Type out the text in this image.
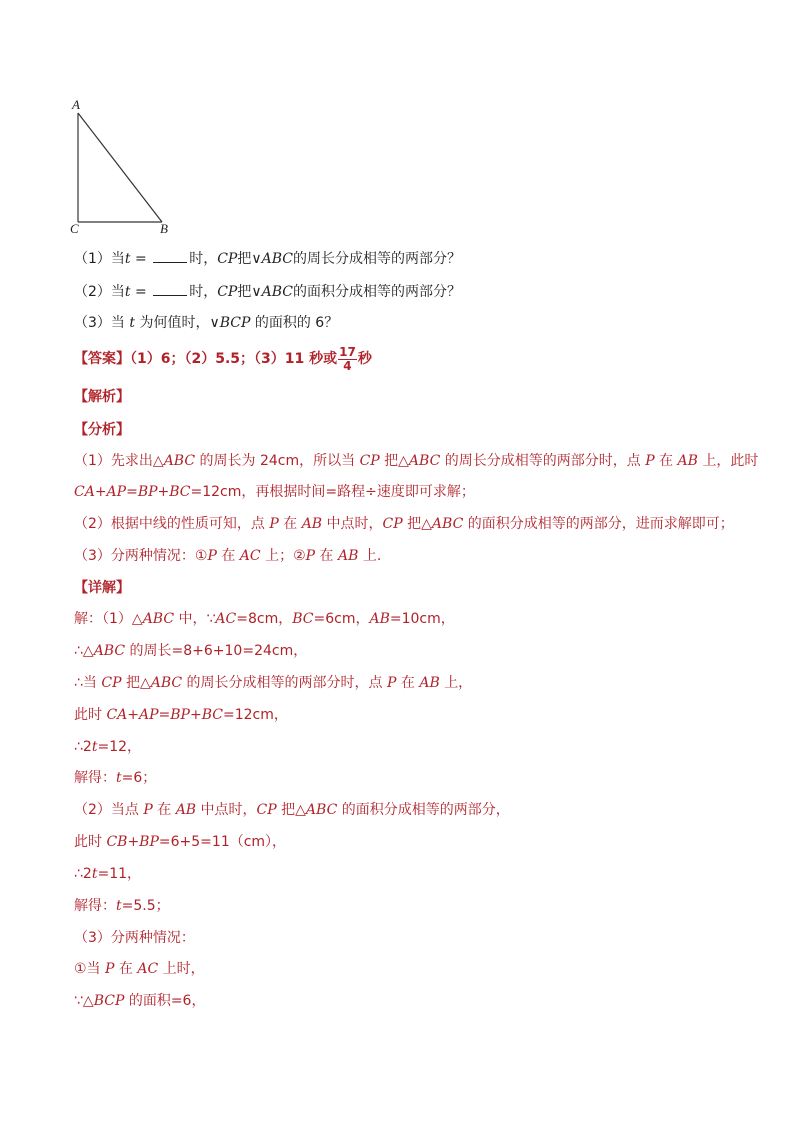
A
C	B
（1）当t =	时，CP把∨ABC的周长分成相等的两部分？
（2）当t =	时，CP把∨ABC的面积分成相等的两部分？
（3）当 t 为何值时，∨BCP 的面积的 6？
【答案】（1）6；（2）5.5；（3）11 秒或 $\frac{17}{4}$ 秒
【解析】
【分析】
（1）先求出△ABC 的周长为 24cm，所以当 CP 把△ABC 的周长分成相等的两部分时，点 P 在 AB 上，此时
CA+AP=BP+BC=12cm，再根据时间=路程÷速度即可求解；
（2）根据中线的性质可知，点 P 在 AB 中点时，CP 把△ABC 的面积分成相等的两部分，进而求解即可；
（3）分两种情况：①P 在 AC 上；②P 在 AB 上.
【详解】
解：（1）△ABC 中，∵AC=8cm，BC=6cm，AB=10cm，
∴△ABC 的周长=8+6+10=24cm，
∴当 CP 把△ABC 的周长分成相等的两部分时，点 P 在 AB 上，
此时 CA+AP=BP+BC=12cm，
∴2t=12，
解得：t=6；
（2）当点 P 在 AB 中点时，CP 把△ABC 的面积分成相等的两部分，
此时 CB+BP=6+5=11（cm），
∴2t=11，
解得：t=5.5；
（3）分两种情况：
①当 P 在 AC 上时，
∵△BCP 的面积=6，
